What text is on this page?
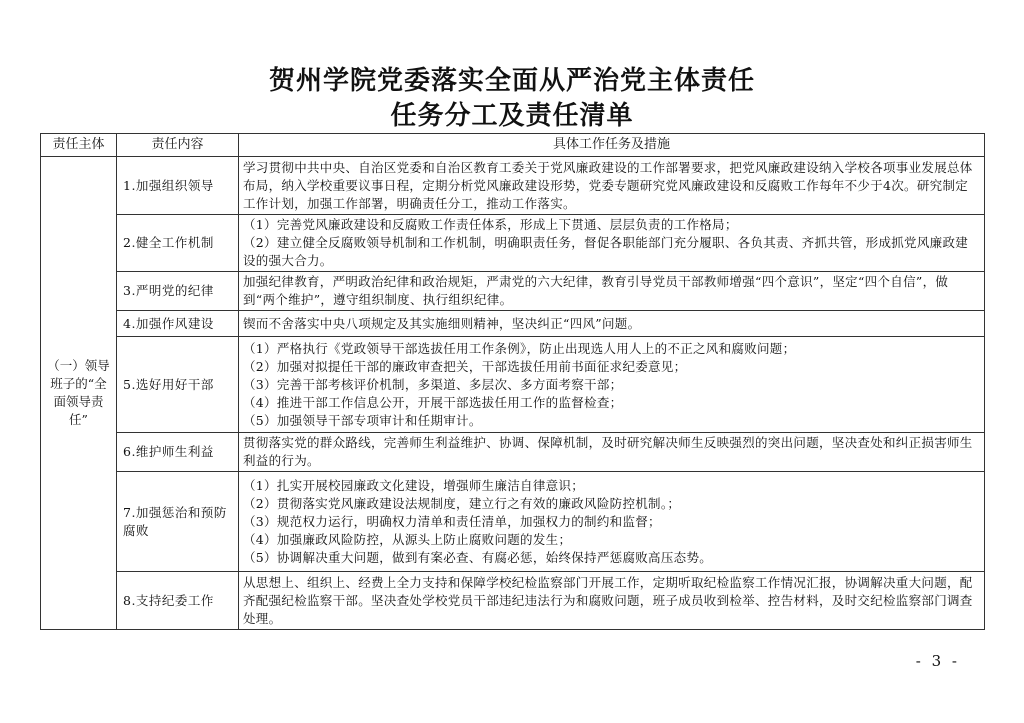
贺州学院党委落实全面从严治党主体责任
任务分工及责任清单
责任主体	责任内容	具体工作任务及措施
（一）领导班子的“全面领导责任”	1.加强组织领导	学习贯彻中共中央、自治区党委和自治区教育工委关于党风廉政建设的工作部署要求，把党风廉政建设纳入学校各项事业发展总体布局，纳入学校重要议事日程，定期分析党风廉政建设形势，党委专题研究党风廉政建设和反腐败工作每年不少于4次。研究制定工作计划，加强工作部署，明确责任分工，推动工作落实。

	2.健全工作机制	（1）完善党风廉政建设和反腐败工作责任体系，形成上下贯通、层层负责的工作格局；
（2）建立健全反腐败领导机制和工作机制，明确职责任务，督促各职能部门充分履职、各负其责、齐抓共管，形成抓党风廉政建设的强大合力。

	3.严明党的纪律	加强纪律教育，严明政治纪律和政治规矩，严肃党的六大纪律，教育引导党员干部教师增强“四个意识”，坚定“四个自信”，做到“两个维护”，遵守组织制度、执行组织纪律。

	4.加强作风建设	锲而不舍落实中央八项规定及其实施细则精神，坚决纠正“四风”问题。

	5.选好用好干部	（1）严格执行《党政领导干部选拔任用工作条例》，防止出现选人用人上的不正之风和腐败问题；
（2）加强对拟提任干部的廉政审查把关，干部选拔任用前书面征求纪委意见；
（3）完善干部考核评价机制，多渠道、多层次、多方面考察干部；
（4）推进干部工作信息公开，开展干部选拔任用工作的监督检查；
（5）加强领导干部专项审计和任期审计。

	6.维护师生利益	贯彻落实党的群众路线，完善师生利益维护、协调、保障机制，及时研究解决师生反映强烈的突出问题，坚决查处和纠正损害师生利益的行为。

	7.加强惩治和预防腐败	（1）扎实开展校园廉政文化建设，增强师生廉洁自律意识；
（2）贯彻落实党风廉政建设法规制度，建立行之有效的廉政风险防控机制。；
（3）规范权力运行，明确权力清单和责任清单，加强权力的制约和监督；
（4）加强廉政风险防控，从源头上防止腐败问题的发生；
（5）协调解决重大问题，做到有案必查、有腐必惩，始终保持严惩腐败高压态势。

	8.支持纪委工作	从思想上、组织上、经费上全力支持和保障学校纪检监察部门开展工作，定期听取纪检监察工作情况汇报，协调解决重大问题，配齐配强纪检监察干部。坚决查处学校党员干部违纪违法行为和腐败问题，班子成员收到检举、控告材料，及时交纪检监察部门调查处理。
- 3 -
